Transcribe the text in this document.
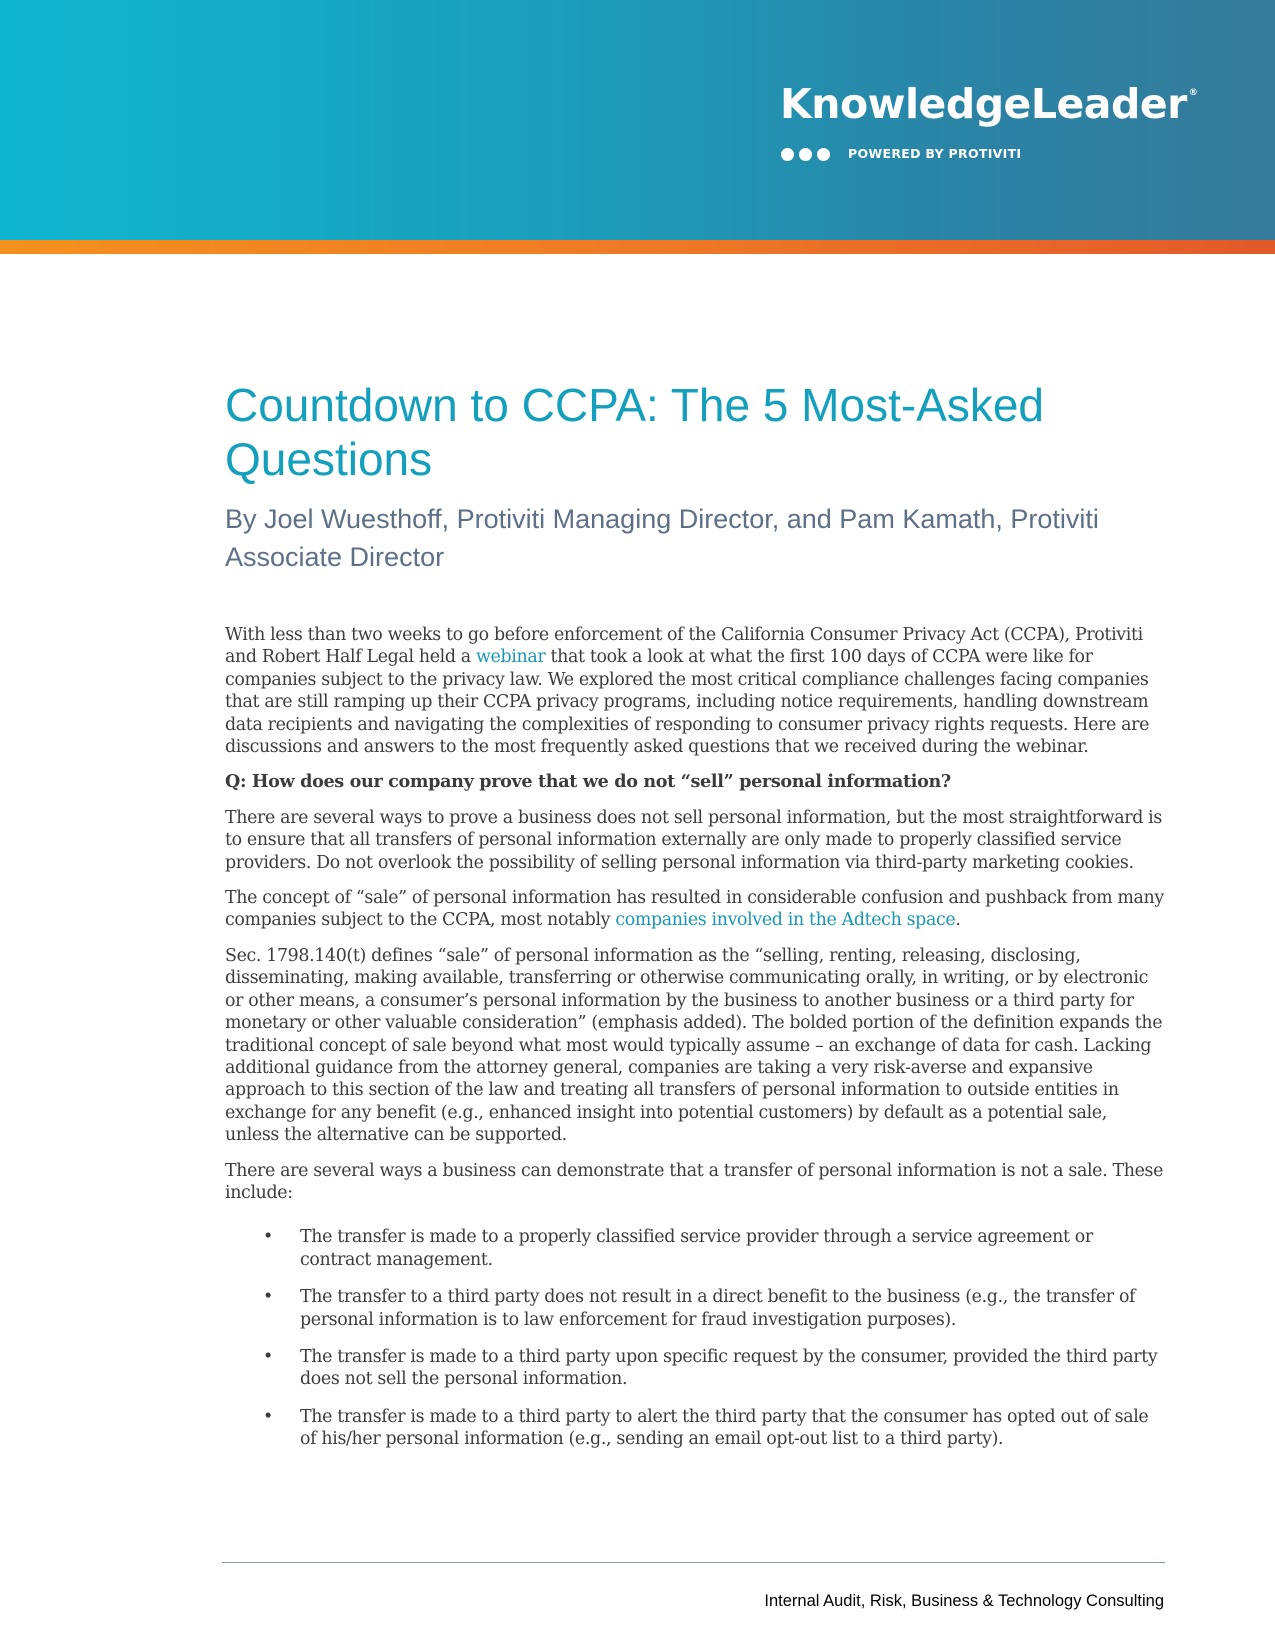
KnowledgeLeader ®
POWERED BY PROTIVITI
Countdown to CCPA: The 5 Most-Asked Questions

By Joel Wuesthoff, Protiviti Managing Director, and Pam Kamath, Protiviti Associate Director

With less than two weeks to go before enforcement of the California Consumer Privacy Act (CCPA), Protiviti and Robert Half Legal held a webinar that took a look at what the first 100 days of CCPA were like for companies subject to the privacy law. We explored the most critical compliance challenges facing companies that are still ramping up their CCPA privacy programs, including notice requirements, handling downstream data recipients and navigating the complexities of responding to consumer privacy rights requests. Here are discussions and answers to the most frequently asked questions that we received during the webinar.

Q: How does our company prove that we do not “sell” personal information?

There are several ways to prove a business does not sell personal information, but the most straightforward is to ensure that all transfers of personal information externally are only made to properly classified service providers. Do not overlook the possibility of selling personal information via third-party marketing cookies.

The concept of “sale” of personal information has resulted in considerable confusion and pushback from many companies subject to the CCPA, most notably companies involved in the Adtech space.

Sec. 1798.140(t) defines “sale” of personal information as the “selling, renting, releasing, disclosing, disseminating, making available, transferring or otherwise communicating orally, in writing, or by electronic or other means, a consumer’s personal information by the business to another business or a third party for monetary or other valuable consideration” (emphasis added). The bolded portion of the definition expands the traditional concept of sale beyond what most would typically assume – an exchange of data for cash. Lacking additional guidance from the attorney general, companies are taking a very risk-averse and expansive approach to this section of the law and treating all transfers of personal information to outside entities in exchange for any benefit (e.g., enhanced insight into potential customers) by default as a potential sale, unless the alternative can be supported.

There are several ways a business can demonstrate that a transfer of personal information is not a sale. These include:

• The transfer is made to a properly classified service provider through a service agreement or contract management.
• The transfer to a third party does not result in a direct benefit to the business (e.g., the transfer of personal information is to law enforcement for fraud investigation purposes).
• The transfer is made to a third party upon specific request by the consumer, provided the third party does not sell the personal information.
• The transfer is made to a third party to alert the third party that the consumer has opted out of sale of his/her personal information (e.g., sending an email opt-out list to a third party).
Internal Audit, Risk, Business & Technology Consulting
